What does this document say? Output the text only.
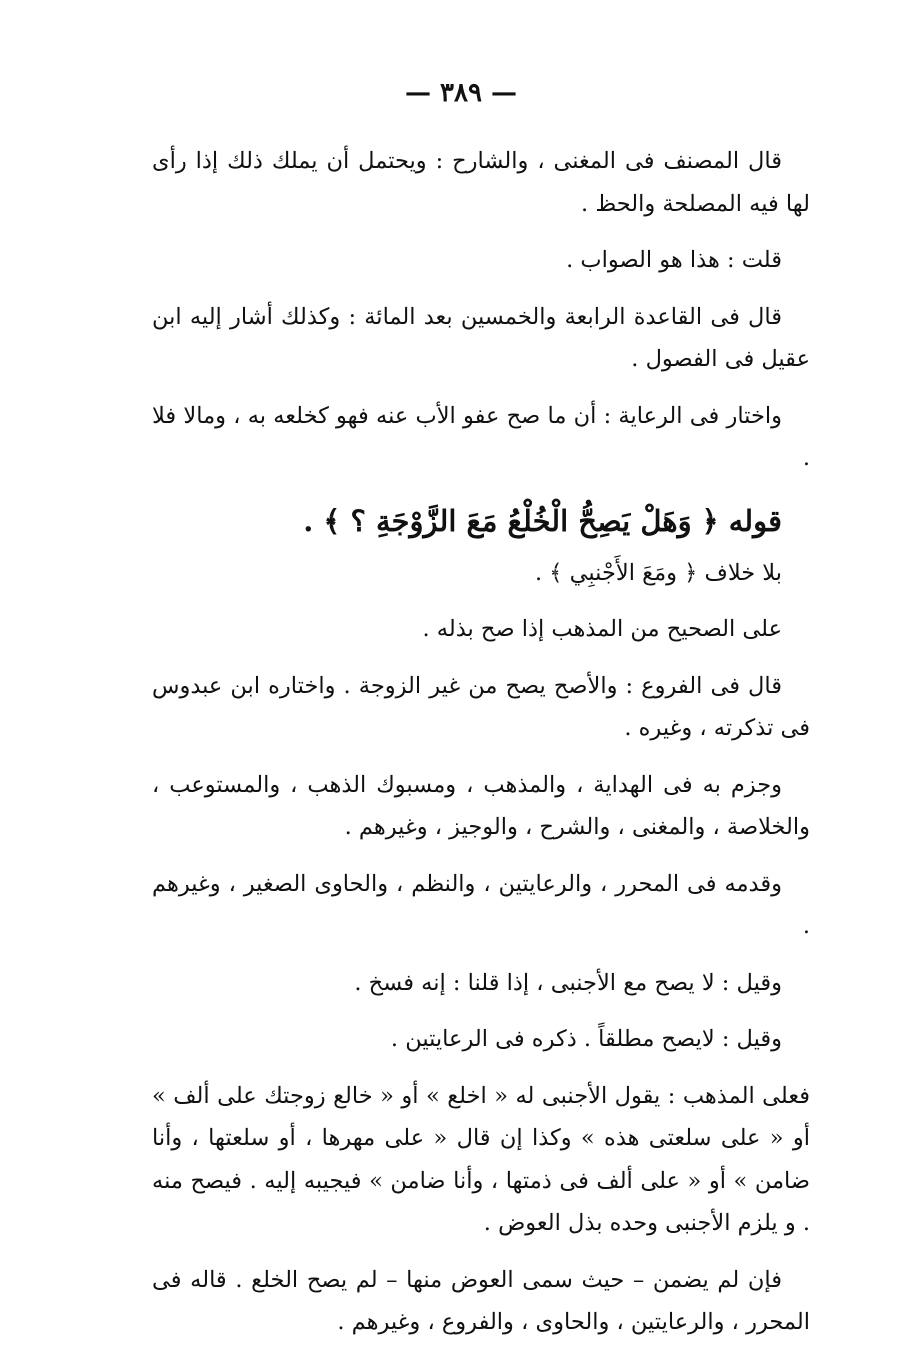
— ٣٨٩ —

قال المصنف فى المغنى ، والشارح : ويحتمل أن يملك ذلك إذا رأى لها فيه المصلحة والحظ .

قلت : هذا هو الصواب .

قال فى القاعدة الرابعة والخمسين بعد المائة : وكذلك أشار إليه ابن عقيل فى الفصول .

واختار فى الرعاية : أن ما صح عفو الأب عنه فهو كخلعه به ، ومالا فلا .

قوله ﴿ وَهَلْ يَصِحُّ الْخُلْعُ مَعَ الزَّوْجَةِ ؟ ﴾ .

بلا خلاف ﴿ ومَعَ الأَجْنبِي ﴾ .

على الصحيح من المذهب إذا صح بذله .

قال فى الفروع : والأصح يصح من غير الزوجة . واختاره ابن عبدوس فى تذكرته ، وغيره .

وجزم به فى الهداية ، والمذهب ، ومسبوك الذهب ، والمستوعب ، والخلاصة ، والمغنى ، والشرح ، والوجيز ، وغيرهم .

وقدمه فى المحرر ، والرعايتين ، والنظم ، والحاوى الصغير ، وغيرهم .

وقيل : لا يصح مع الأجنبى ، إذا قلنا : إنه فسخ .

وقيل : لايصح مطلقاً . ذكره فى الرعايتين .

فعلى المذهب : يقول الأجنبى له « اخلع » أو « خالع زوجتك على ألف » أو « على سلعتى هذه » وكذا إن قال « على مهرها ، أو سلعتها ، وأنا ضامن » أو « على ألف فى ذمتها ، وأنا ضامن » فيجيبه إليه . فيصح منه . و يلزم الأجنبى وحده بذل العوض .

فإن لم يضمن – حيث سمى العوض منها – لم يصح الخلع . قاله فى المحرر ، والرعايتين ، والحاوى ، والفروع ، وغيرهم .
